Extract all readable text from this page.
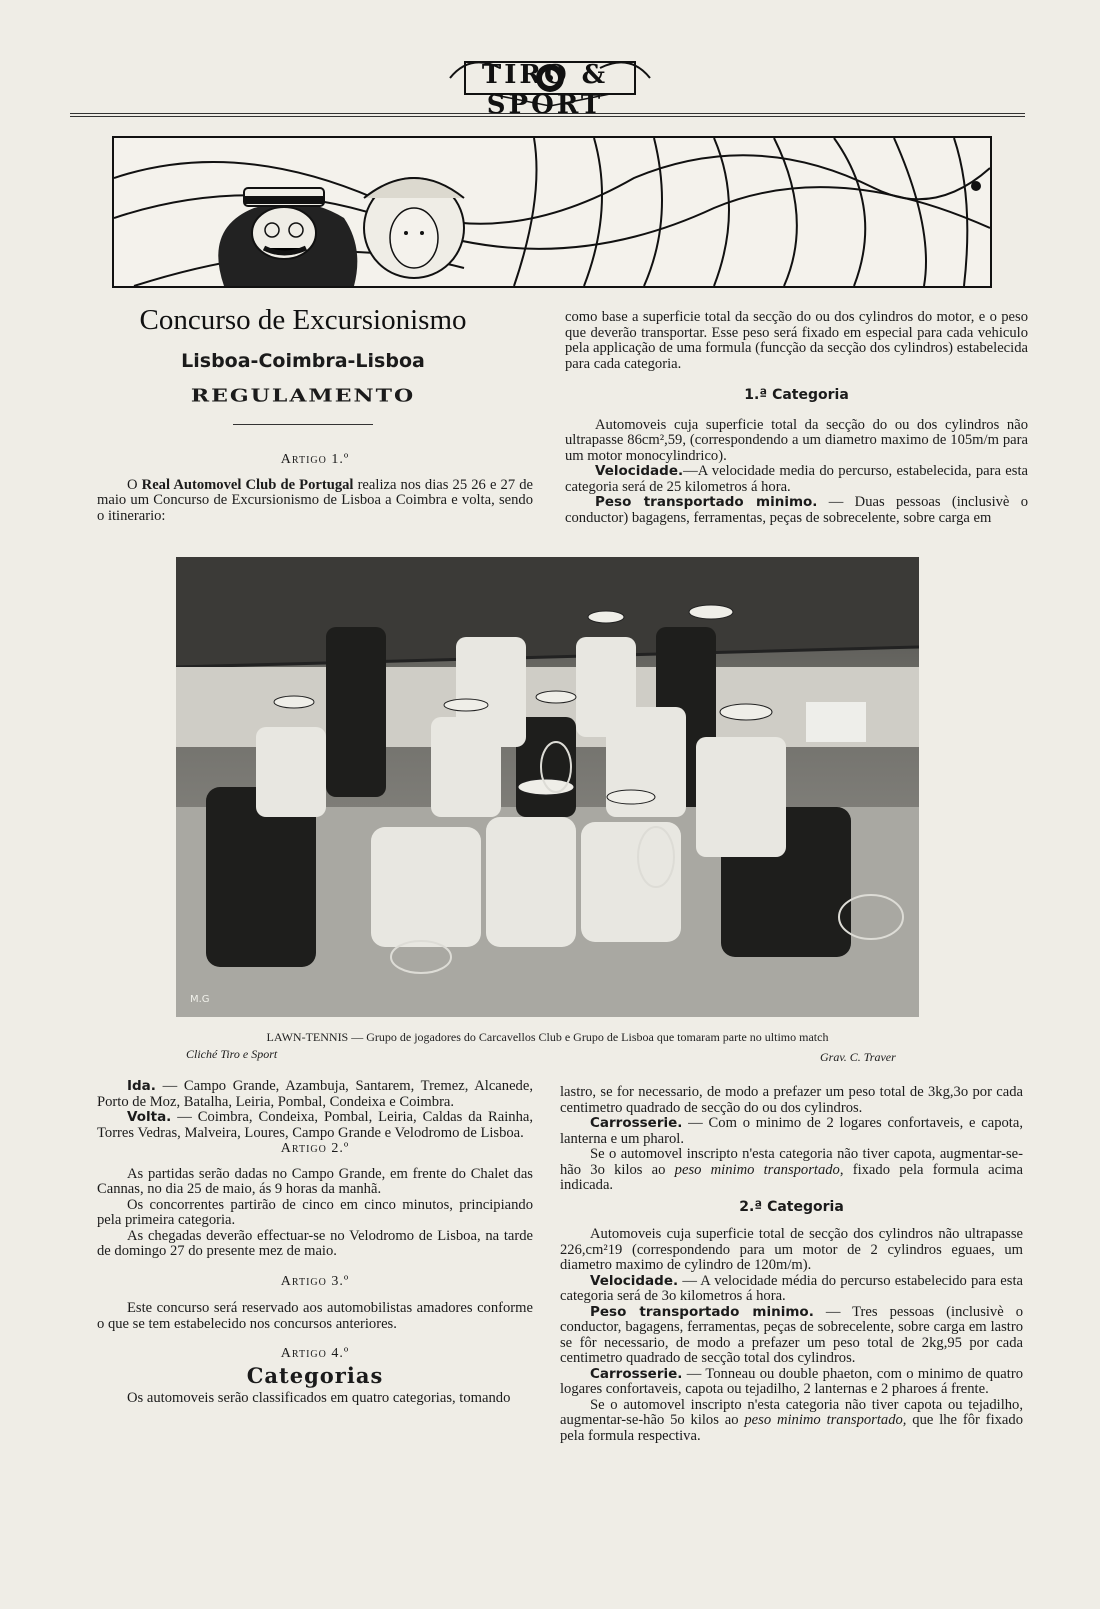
TIRO & SPORT
Concurso de Excursionismo
Lisboa-Coimbra-Lisboa
REGULAMENTO

Artigo 1.º

O Real Automovel Club de Portugal realiza nos dias 25 26 e 27 de maio um Concurso de Excursionismo de Lisboa a Coimbra e volta, sendo o itinerario:

como base a superficie total da secção do ou dos cylindros do motor, e o peso que deverão transportar. Esse peso será fixado em especial para cada vehiculo pela applicação de uma formula (funcção da secção dos cylindros) estabelecida para cada categoria.

1.ª Categoria

Automoveis cuja superficie total da secção do ou dos cylindros não ultrapasse 86cm²,59, (correspondendo a um diametro maximo de 105m/m para um motor monocylindrico).

Velocidade.—A velocidade media do percurso, estabelecida, para esta categoria será de 25 kilometros á hora.

Peso transportado minimo. — Duas pessoas (inclusivè o conductor) bagagens, ferramentas, peças de sobrecelente, sobre carga em

M.G
LAWN-TENNIS — Grupo de jogadores do Carcavellos Club e Grupo de Lisboa que tomaram parte no ultimo match
Cliché Tiro e Sport	Grav. C. Traver

Ida. — Campo Grande, Azambuja, Santarem, Tremez, Alcanede, Porto de Moz, Batalha, Leiria, Pombal, Condeixa e Coimbra.

Volta. — Coimbra, Condeixa, Pombal, Leiria, Caldas da Rainha, Torres Vedras, Malveira, Loures, Campo Grande e Velodromo de Lisboa.

Artigo 2.º

As partidas serão dadas no Campo Grande, em frente do Chalet das Cannas, no dia 25 de maio, ás 9 horas da manhã.

Os concorrentes partirão de cinco em cinco minutos, principiando pela primeira categoria.

As chegadas deverão effectuar-se no Velodromo de Lisboa, na tarde de domingo 27 do presente mez de maio.

Artigo 3.º

Este concurso será reservado aos automobilistas amadores conforme o que se tem estabelecido nos concursos anteriores.

Artigo 4.º

Categorias

Os automoveis serão classificados em quatro categorias, tomando

lastro, se for necessario, de modo a prefazer um peso total de 3kg,3o por cada centimetro quadrado de secção do ou dos cylindros.

Carrosserie. — Com o minimo de 2 logares confortaveis, e capota, lanterna e um pharol.

Se o automovel inscripto n'esta categoria não tiver capota, augmentar-se-hão 3o kilos ao peso minimo transportado, fixado pela formula acima indicada.

2.ª Categoria

Automoveis cuja superficie total de secção dos cylindros não ultrapasse 226,cm²19 (correspondendo para um motor de 2 cylindros eguaes, um diametro maximo de cylindro de 120m/m).

Velocidade. — A velocidade média do percurso estabelecido para esta categoria será de 3o kilometros á hora.

Peso transportado minimo. — Tres pessoas (inclusivè o conductor, bagagens, ferramentas, peças de sobrecelente, sobre carga em lastro se fôr necessario, de modo a prefazer um peso total de 2kg,95 por cada centimetro quadrado de secção total dos cylindros.

Carrosserie. — Tonneau ou double phaeton, com o minimo de quatro logares confortaveis, capota ou tejadilho, 2 lanternas e 2 pharoes á frente.

Se o automovel inscripto n'esta categoria não tiver capota ou tejadilho, augmentar-se-hão 5o kilos ao peso minimo transportado, que lhe fôr fixado pela formula respectiva.
